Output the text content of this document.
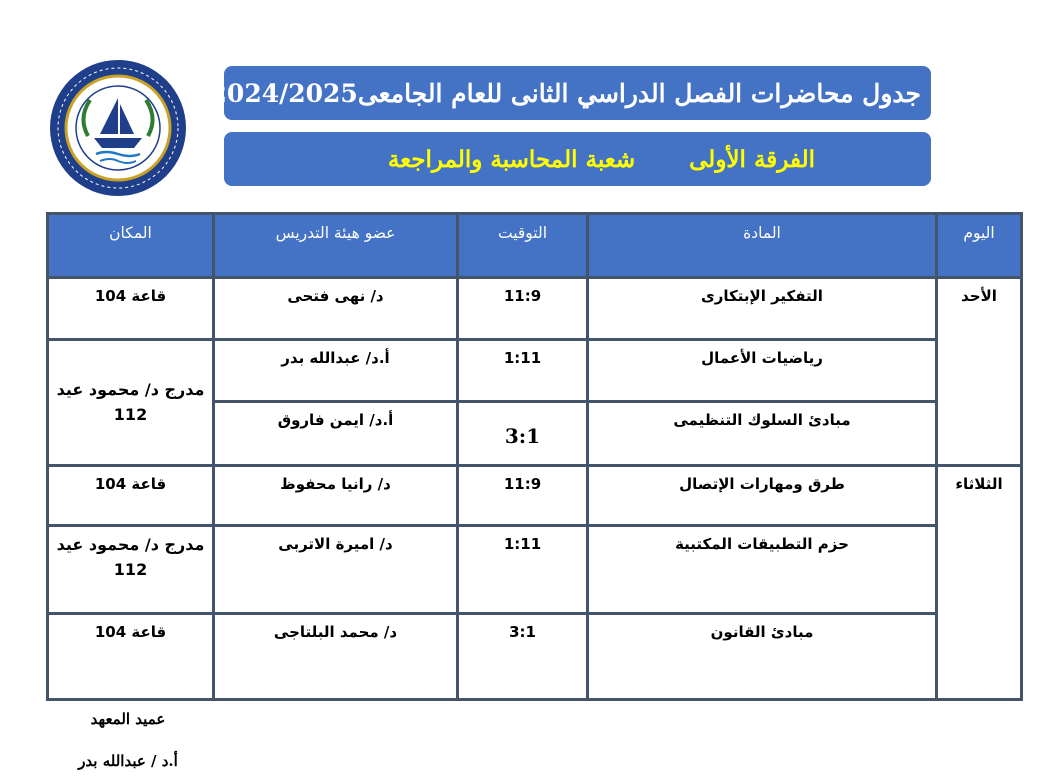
جدول محاضرات الفصل الدراسي الثانى للعام الجامعى2024/2025
الفرقة الأولى
شعبة المحاسبة والمراجعة
اليوم	المادة	التوقيت	عضو هيئة التدريس	المكان
الأحد	التفكير الإبتكارى	11:9	د/ نهى فتحى	قاعة 104
	رياضيات الأعمال	1:11	أ.د/ عبدالله بدر	مدرج د/ محمود عيد 112
	مبادئ السلوك التنظيمى	3:1	أ.د/ ايمن فاروق	
الثلاثاء	طرق ومهارات الإتصال	11:9	د/ رانيا محفوظ	قاعة 104
	حزم التطبيقات المكتبية	1:11	د/ اميرة الاتربى	مدرج د/ محمود عيد 112
	مبادئ القانون	3:1	د/ محمد البلتاجى	قاعة 104
عميد المعهد
أ.د / عبدالله بدر
